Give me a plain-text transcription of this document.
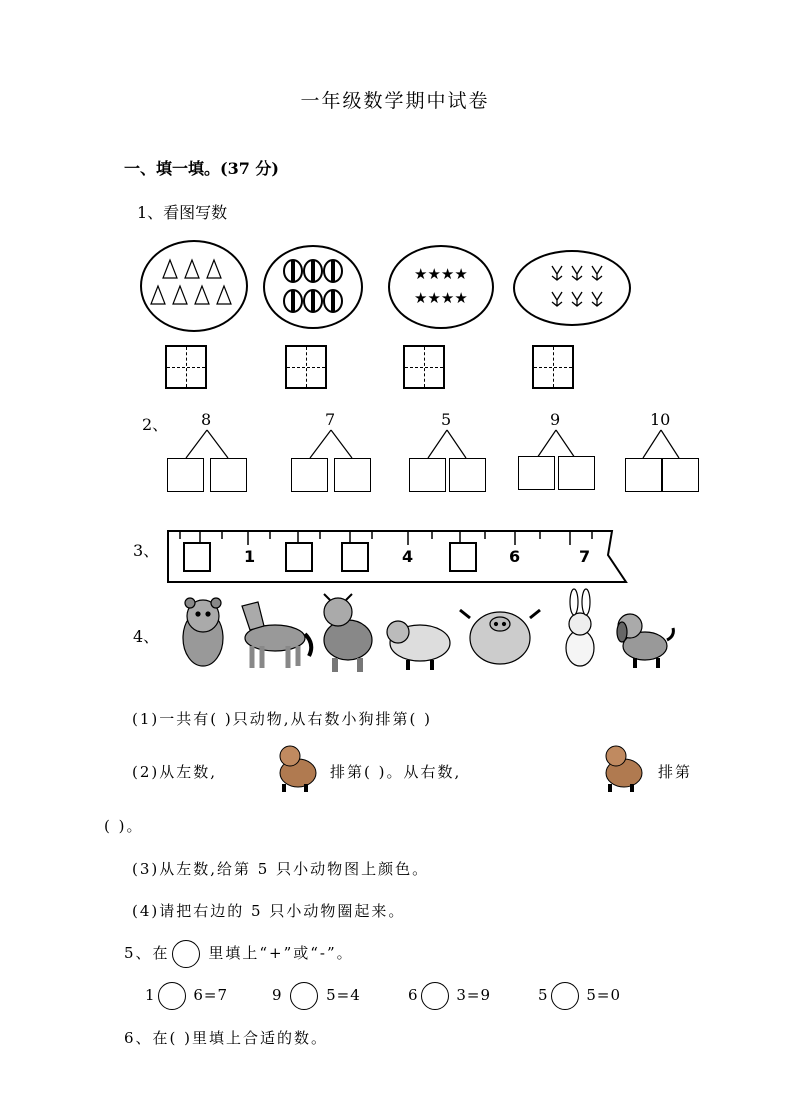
一年级数学期中试卷
一、填一填。(37 分)
1、看图写数
★★★★
★★★★
2、 8	7	5	9	10
3、	1	4	6	7
4、
(1)一共有( )只动物,从右数小狗排第( )
(2)从左数,	排第( )。从右数,	排第
( )。
(3)从左数,给第 5 只小动物图上颜色。
(4)请把右边的 5 只小动物圈起来。
5、在	里填上“+”或“-”。
1	6=7	9	5=4	6	3=9	5	5=0
6、在( )里填上合适的数。
